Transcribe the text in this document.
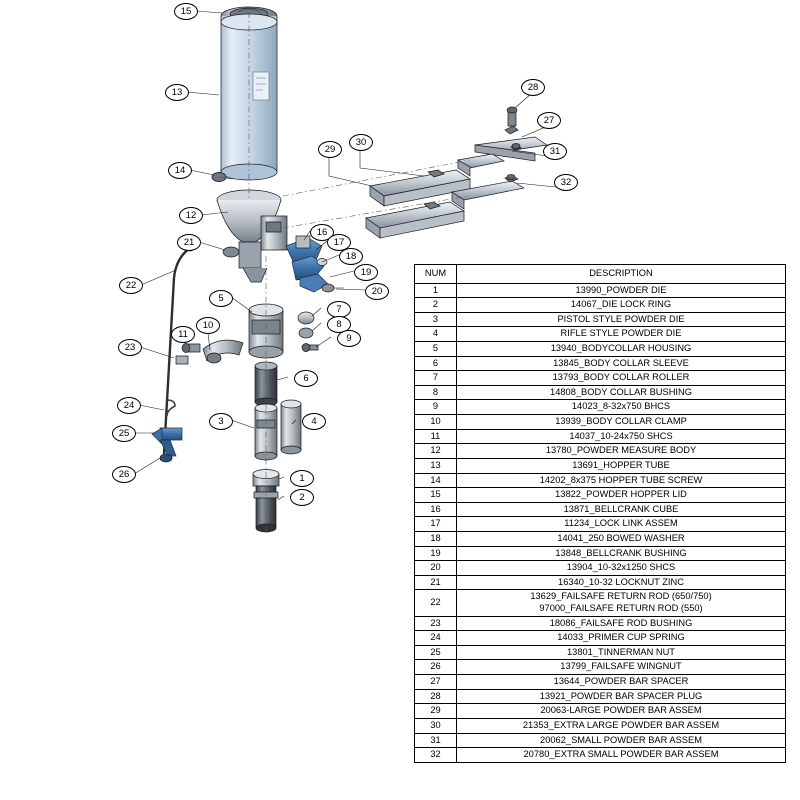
15
13
14
12
21
22
23
24
25
26
11
10
5
6
3	4
1
2
7
8
9
16
17
18
19
20
29
30
28
27
31
32
NUM	DESCRIPTION
1	13990_POWDER DIE
2	14067_DIE LOCK RING
3	PISTOL STYLE POWDER DIE
4	RIFLE STYLE POWDER DIE
5	13940_BODYCOLLAR HOUSING
6	13845_BODY COLLAR SLEEVE
7	13793_BODY COLLAR ROLLER
8	14808_BODY COLLAR BUSHING
9	14023_8-32x750 BHCS
10	13939_BODY COLLAR CLAMP
11	14037_10-24x750 SHCS
12	13780_POWDER MEASURE BODY
13	13691_HOPPER TUBE
14	14202_8x375 HOPPER TUBE SCREW
15	13822_POWDER HOPPER LID
16	13871_BELLCRANK CUBE
17	11234_LOCK LINK ASSEM
18	14041_250 BOWED WASHER
19	13848_BELLCRANK BUSHING
20	13904_10-32x1250 SHCS
21	16340_10-32 LOCKNUT ZINC
22	13629_FAILSAFE RETURN ROD (650/750)
97000_FAILSAFE RETURN ROD (550)
23	18086_FAILSAFE ROD BUSHING
24	14033_PRIMER CUP SPRING
25	13801_TINNERMAN NUT
26	13799_FAILSAFE WINGNUT
27	13644_POWDER BAR SPACER
28	13921_POWDER BAR SPACER PLUG
29	20063-LARGE POWDER BAR ASSEM
30	21353_EXTRA LARGE POWDER BAR ASSEM
31	20062_SMALL POWDER BAR ASSEM
32	20780_EXTRA SMALL POWDER BAR ASSEM
